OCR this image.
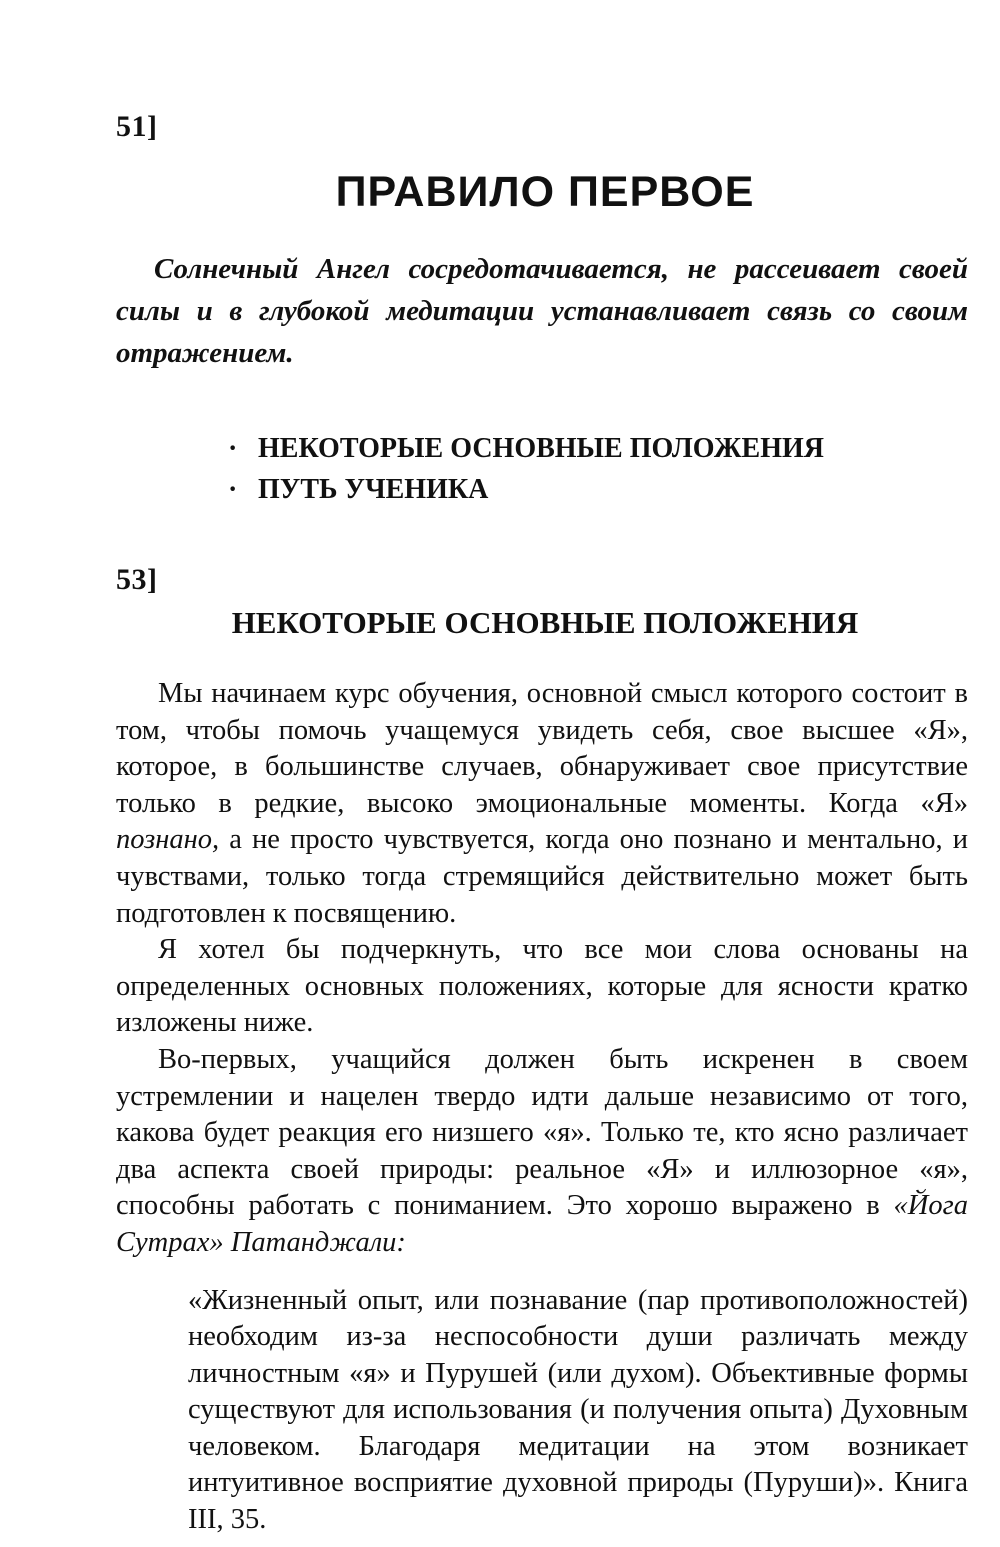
51]
ПРАВИЛО ПЕРВОЕ

Солнечный Ангел сосредотачивается, не рассеивает своей силы и в глубокой медитации устанавливает связь со своим отражением.

· НЕКОТОРЫЕ ОСНОВНЫЕ ПОЛОЖЕНИЯ
· ПУТЬ УЧЕНИКА
53]
НЕКОТОРЫЕ ОСНОВНЫЕ ПОЛОЖЕНИЯ

Мы начинаем курс обучения, основной смысл которого состоит в том, чтобы помочь учащемуся увидеть себя, свое высшее «Я», которое, в большинстве случаев, обнаруживает свое присутствие только в редкие, высоко эмоциональные моменты. Когда «Я» познано, а не просто чувствуется, когда оно познано и ментально, и чувствами, только тогда стремящийся действительно может быть подготовлен к посвящению.

Я хотел бы подчеркнуть, что все мои слова основаны на определенных основных положениях, которые для ясности кратко изложены ниже.

Во-первых, учащийся должен быть искренен в своем устремлении и нацелен твердо идти дальше независимо от того, какова будет реакция его низшего «я». Только те, кто ясно различает два аспекта своей природы: реальное «Я» и иллюзорное «я», способны работать с пониманием. Это хорошо выражено в «Йога Сутрах» Патанджали:

«Жизненный опыт, или познавание (пар противоположностей) необходим из-за неспособности души различать между личностным «я» и Пурушей (или духом). Объективные формы существуют для использования (и получения опыта) Духовным человеком. Благодаря медитации на этом возникает интуитивное восприятие духовной природы (Пуруши)». Книга III, 35.
